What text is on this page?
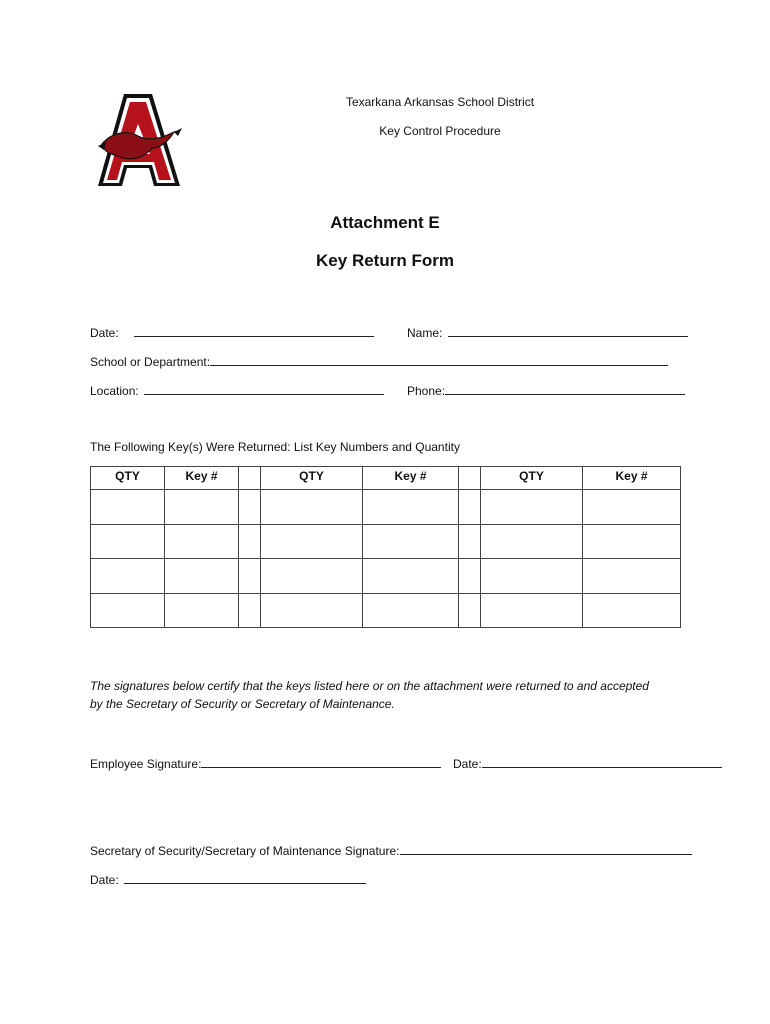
Texarkana Arkansas School District
Key Control Procedure
Attachment E
Key Return Form
Date:	Name:
School or Department:
Location:	Phone:
The Following Key(s) Were Returned: List Key Numbers and Quantity
QTY	Key #		QTY	Key #		QTY	Key #

The signatures below certify that the keys listed here or on the attachment were returned to and accepted by the Secretary of Security or Secretary of Maintenance.
Employee Signature:	Date:
Secretary of Security/Secretary of Maintenance Signature:
Date:
